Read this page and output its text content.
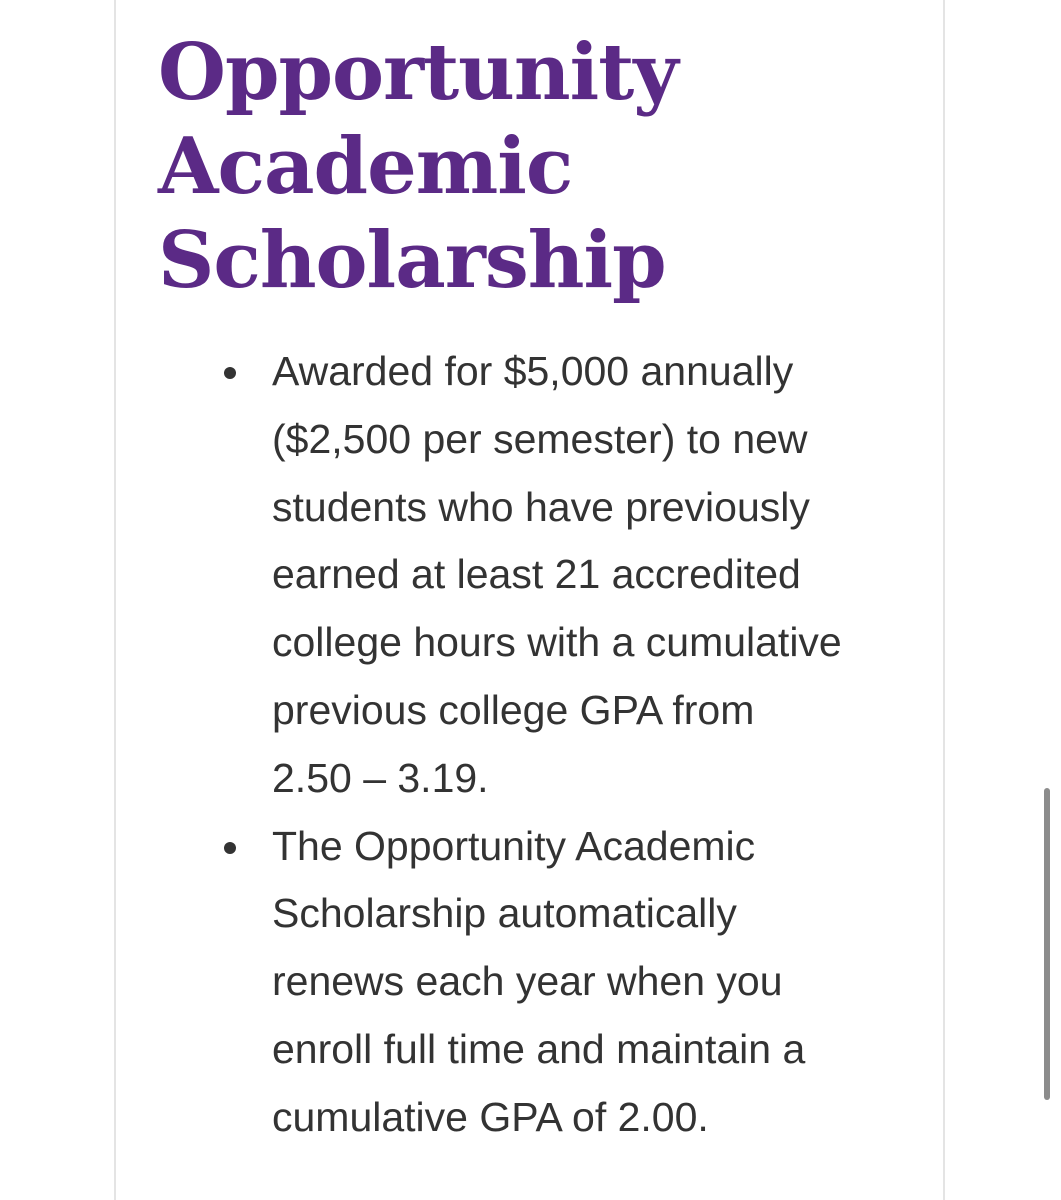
Opportunity
Academic
Scholarship
Awarded for $5,000 annually
($2,500 per semester) to new
students who have previously
earned at least 21 accredited
college hours with a cumulative
previous college GPA from
2.50 – 3.19.
The Opportunity Academic
Scholarship automatically
renews each year when you
enroll full time and maintain a
cumulative GPA of 2.00.
